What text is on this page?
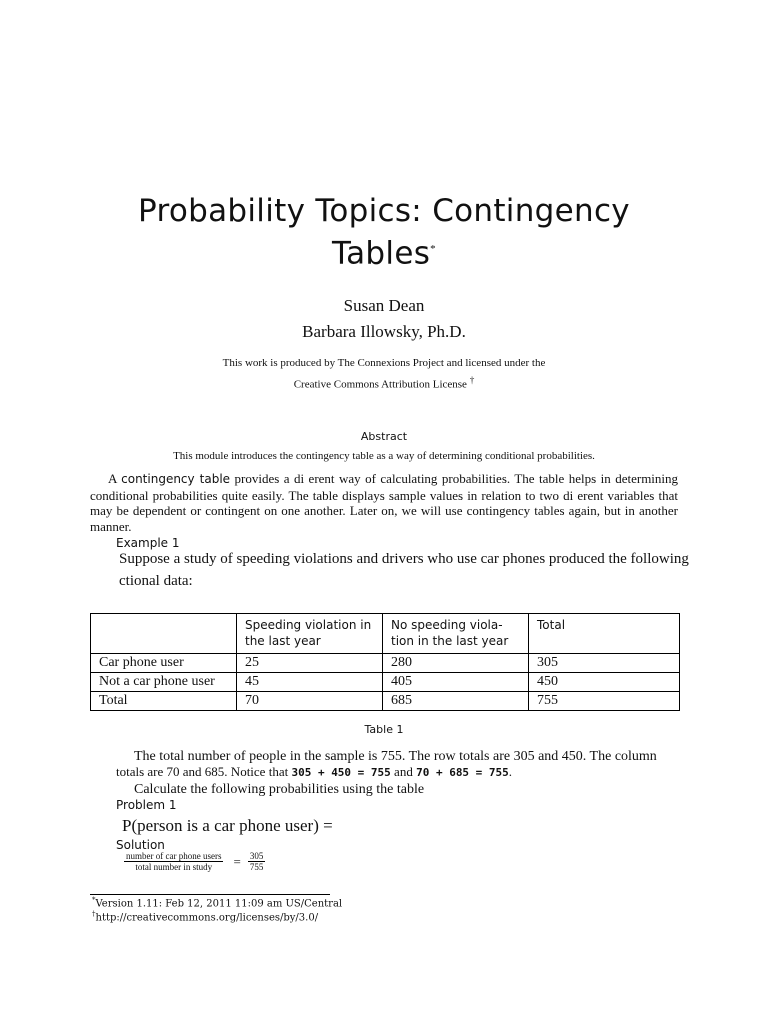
Probability Topics: Contingency
Tables*
Susan Dean
Barbara Illowsky, Ph.D.
This work is produced by The Connexions Project and licensed under the
Creative Commons Attribution License †
Abstract
This module introduces the contingency table as a way of determining conditional probabilities.
A contingency table provides a di erent way of calculating probabilities. The table helps in determining conditional probabilities quite easily. The table displays sample values in relation to two di erent variables that may be dependent or contingent on one another. Later on, we will use contingency tables again, but in another manner.
Example 1
Suppose a study of speeding violations and drivers who use car phones produced the following
ctional data:
	Speeding violation in the last year	No speeding viola- tion in the last year	Total
Car phone user	25	280	305
Not a car phone user	45	405	450
Total	70	685	755
Table 1
The total number of people in the sample is 755. The row totals are 305 and 450. The column
totals are 70 and 685. Notice that 305 + 450 = 755 and 70 + 685 = 755.
Calculate the following probabilities using the table
Problem 1
P(person is a car phone user) =
Solution
$\frac{\text{number of car phone users}}{\text{total number in study}} = \frac{305}{755}$
*Version 1.11: Feb 12, 2011 11:09 am US/Central
†http://creativecommons.org/licenses/by/3.0/
